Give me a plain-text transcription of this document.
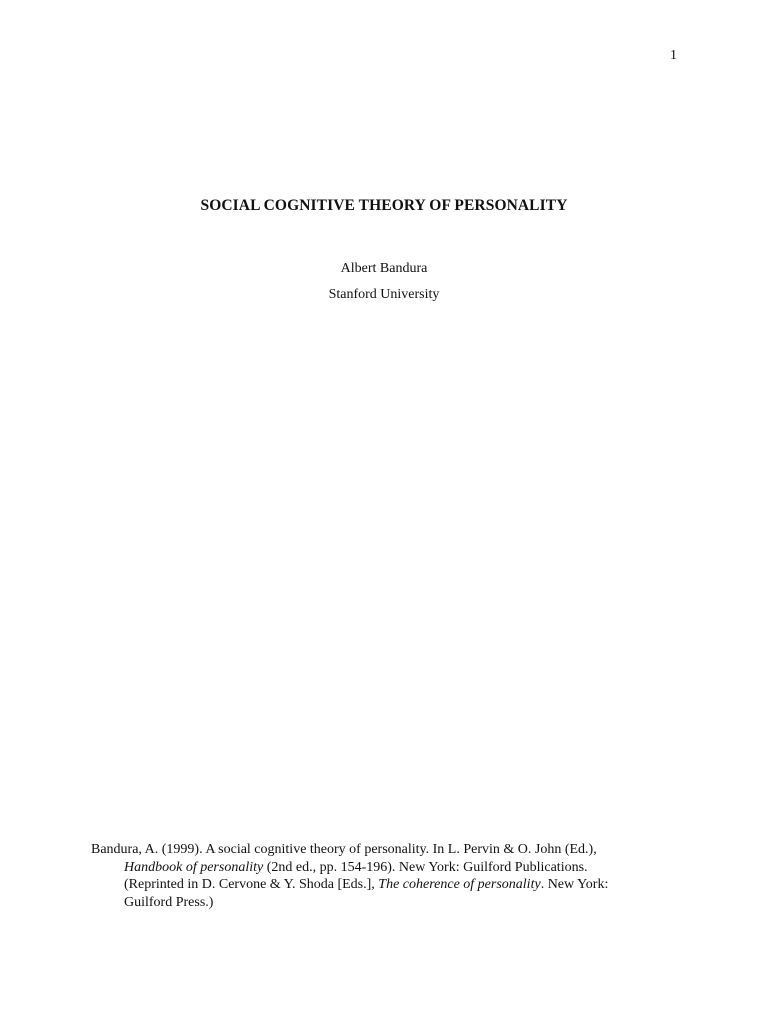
1
SOCIAL COGNITIVE THEORY OF PERSONALITY
Albert Bandura
Stanford University
Bandura, A. (1999). A social cognitive theory of personality. In L. Pervin & O. John (Ed.),
Handbook of personality (2nd ed., pp. 154-196). New York: Guilford Publications.
(Reprinted in D. Cervone & Y. Shoda [Eds.], The coherence of personality. New York:
Guilford Press.)
